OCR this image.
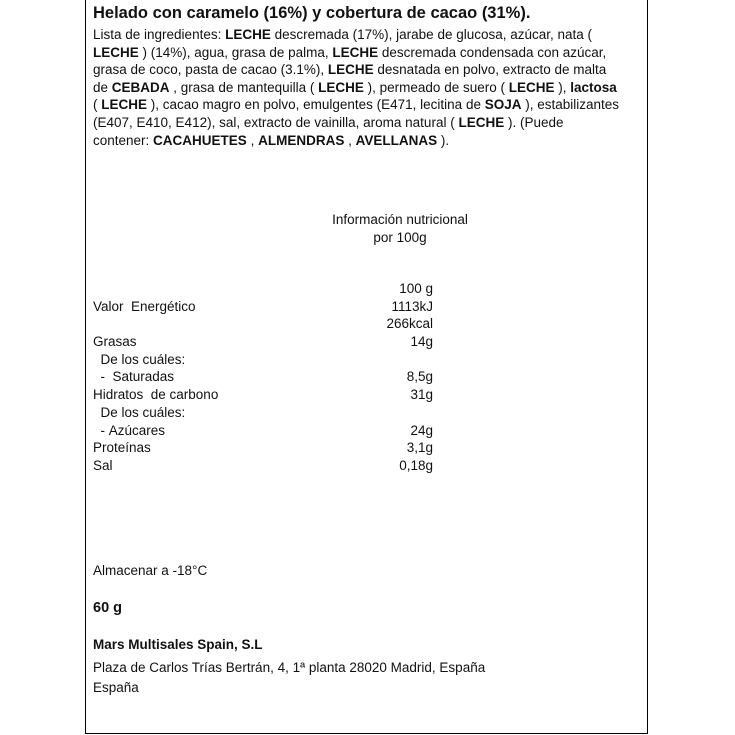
Helado con caramelo (16%) y cobertura de cacao (31%).
Lista de ingredientes: LECHE descremada (17%), jarabe de glucosa, azúcar, nata ( LECHE ) (14%), agua, grasa de palma, LECHE descremada condensada con azúcar, grasa de coco, pasta de cacao (3.1%), LECHE desnatada en polvo, extracto de malta de CEBADA , grasa de mantequilla ( LECHE ), permeado de suero ( LECHE ), lactosa ( LECHE ), cacao magro en polvo, emulgentes (E471, lecitina de SOJA ), estabilizantes (E407, E410, E412), sal, extracto de vainilla, aroma natural ( LECHE ). (Puede contener: CACAHUETES , ALMENDRAS , AVELLANAS ).
Información nutricional
por 100g
100 g
Valor  Energético	1113kJ
266kcal
Grasas	14g
De los cuáles:
-  Saturadas	8,5g
Hidratos  de carbono	31g
De los cuáles:
- Azúcares	24g
Proteínas	3,1g
Sal	0,18g
Almacenar a -18°C
60 g
Mars Multisales Spain, S.L
Plaza de Carlos Trías Bertrán, 4, 1ª planta 28020 Madrid, España
España
